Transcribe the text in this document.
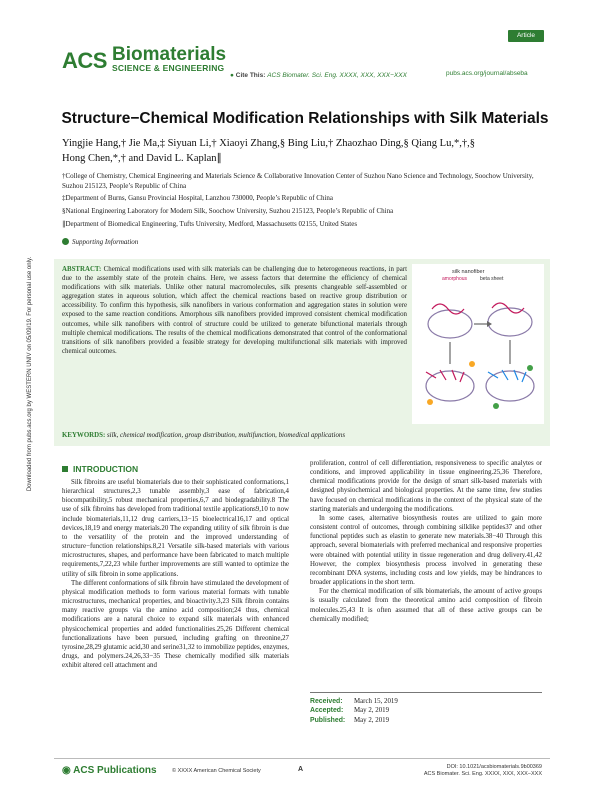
ACS Biomaterials
SCIENCE & ENGINEERING
● Cite This: ACS Biomater. Sci. Eng. XXXX, XXX, XXX−XXX
Article
pubs.acs.org/journal/abseba
Downloaded from pubs.acs.org by WESTERN UNIV on 05/09/19. For personal use only.
Structure−Chemical Modification Relationships with Silk Materials
Yingjie Hang,† Jie Ma,‡ Siyuan Li,† Xiaoyi Zhang,§ Bing Liu,† Zhaozhao Ding,§ Qiang Lu,*,†,§
Hong Chen,*,† and David L. Kaplan∥
†College of Chemistry, Chemical Engineering and Materials Science & Collaborative Innovation Center of Suzhou Nano Science and Technology, Soochow University, Suzhou 215123, People’s Republic of China
‡Department of Burns, Gansu Provincial Hospital, Lanzhou 730000, People’s Republic of China
§National Engineering Laboratory for Modern Silk, Soochow University, Suzhou 215123, People’s Republic of China
∥Department of Biomedical Engineering, Tufts University, Medford, Massachusetts 02155, United States
Supporting Information
ABSTRACT: Chemical modifications used with silk materials can be challenging due to heterogeneous reactions, in part due to the assembly state of the protein chains. Here, we assess factors that determine the efficiency of chemical modifications with silk materials. Unlike other natural macromolecules, silk presents changeable self-assembled or aggregation states in aqueous solution, which affect the chemical reactions based on reactive group distribution or accessibility. To confirm this hypothesis, silk nanofibers in various conformation and aggregation states in solution were exposed to the same reaction conditions. Amorphous silk nanofibers provided improved consistent chemical modification outcomes, while silk nanofibers with control of structure could be utilized to generate bifunctional materials through multiple chemical modifications. The results of the chemical modifications demonstrated that control of the conformational transitions of silk nanofibers provided a feasible strategy for developing multifunctional silk materials with improved chemical outcomes.
silk nanofiber
amorphous	beta sheet
KEYWORDS: silk, chemical modification, group distribution, multifunction, biomedical applications
INTRODUCTION

Silk fibroins are useful biomaterials due to their sophisticated conformations,1 hierarchical structures,2,3 tunable assembly,3 ease of fabrication,4 biocompatibility,5 robust mechanical properties,6,7 and biodegradability.8 The use of silk fibroins has developed from traditional textile applications9,10 to now include biomaterials,11,12 drug carriers,13−15 bioelectrical16,17 and optical devices,18,19 and energy materials.20 The expanding utility of silk fibroin is due to the versatility of the protein and the improved understanding of structure−function relationships.8,21 Versatile silk-based materials with various microstructures, shapes, and performance have been fabricated to match multiple requirements,7,22,23 while further improvements are still wanted to optimize the utility of silk fibroin in some applications.

The different conformations of silk fibroin have stimulated the development of physical modification methods to form various material formats with tunable microstructures, mechanical properties, and bioactivity.3,23 Silk fibroin contains many reactive groups via the amino acid composition;24 thus, chemical modifications are a natural choice to expand silk materials with enhanced physicochemical properties and added functionalities.25,26 Different chemical functionalizations have been pursued, including grafting on threonine,27 tyrosine,28,29 glutamic acid,30 and serine31,32 to immobilize peptides, enzymes, drugs, and polymers.24,26,33−35 These chemically modified silk materials exhibit altered cell attachment and

proliferation, control of cell differentiation, responsiveness to specific analytes or conditions, and improved applicability in tissue engineering.25,36 Therefore, chemical modifications provide for the design of smart silk-based materials with designed physiochemical and biological properties. At the same time, few studies have focused on chemical modifications in the context of the physical state of the starting materials and undergoing the modifications.

In some cases, alternative biosynthesis routes are utilized to gain more consistent control of outcomes, through combining silklike peptides37 and other functional peptides such as elastin to generate new materials.38−40 Through this approach, several biomaterials with preferred mechanical and responsive properties were obtained with potential utility in tissue regeneration and drug delivery.41,42 However, the complex biosynthesis process involved in generating these recombinant DNA systems, including costs and low yields, may be hindrances to broader applications in the short term.

For the chemical modification of silk biomaterials, the amount of active groups is usually calculated from the theoretical amino acid composition of fibroin molecules.25,43 It is often assumed that all of these active groups can be chemically modified;

Received: March 15, 2019
Accepted: May 2, 2019
Published: May 2, 2019
◉ ACS Publications	© XXXX American Chemical Society	A	DOI: 10.1021/acsbiomaterials.9b00369
ACS Biomater. Sci. Eng. XXXX, XXX, XXX−XXX
